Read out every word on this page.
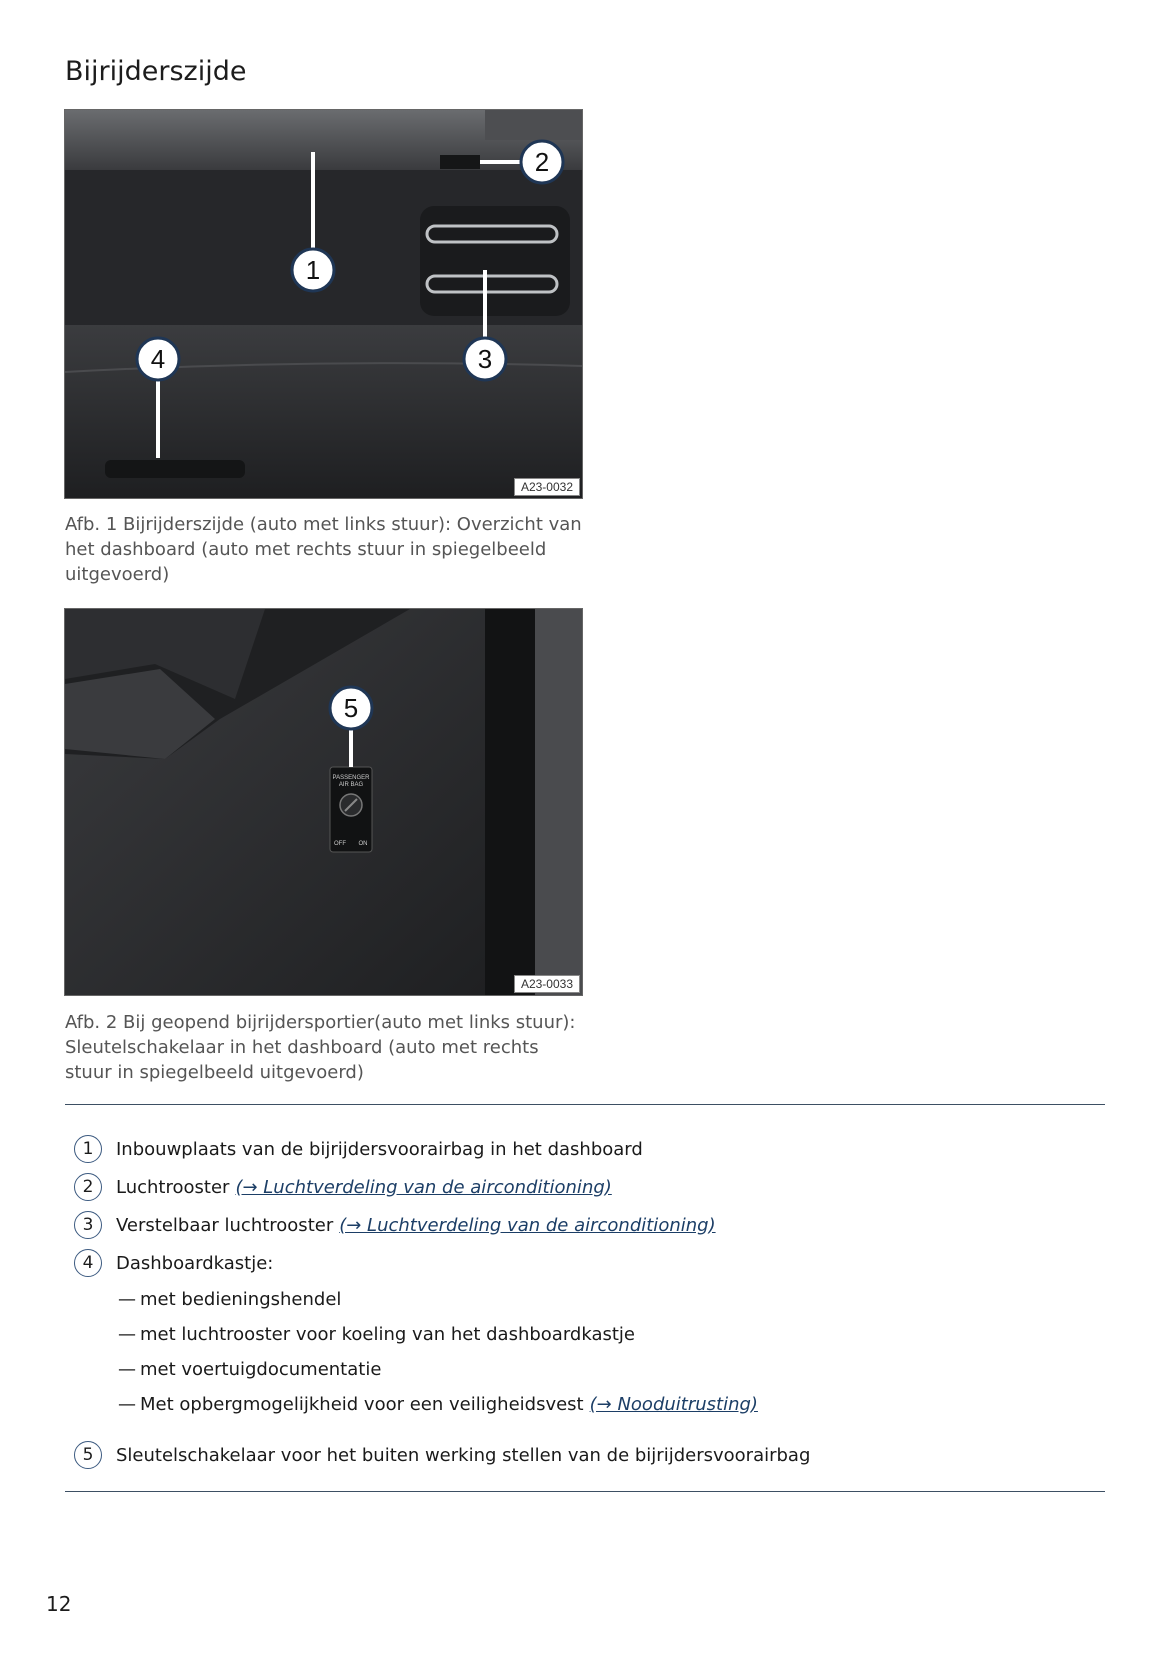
Bijrijderszijde
1
2
3
4
A23-0032

Afb. 1 Bijrijderszijde (auto met links stuur): Overzicht van het dashboard (auto met rechts stuur in spiegelbeeld uitgevoerd)

PASSENGER
AIR BAG
OFF ON
5
A23-0033

Afb. 2 Bij geopend bijrijdersportier(auto met links stuur): Sleutelschakelaar in het dashboard (auto met rechts stuur in spiegelbeeld uitgevoerd)

1	Inbouwplaats van de bijrijdersvoorairbag in het dashboard
2	Luchtrooster (→ Luchtverdeling van de airconditioning)
3	Verstelbaar luchtrooster (→ Luchtverdeling van de airconditioning)
4	Dashboardkastje:
— met bedieningshendel
— met luchtrooster voor koeling van het dashboardkastje
— met voertuigdocumentatie
— Met opbergmogelijkheid voor een veiligheidsvest (→ Nooduitrusting)
5	Sleutelschakelaar voor het buiten werking stellen van de bijrijdersvoorairbag
12
